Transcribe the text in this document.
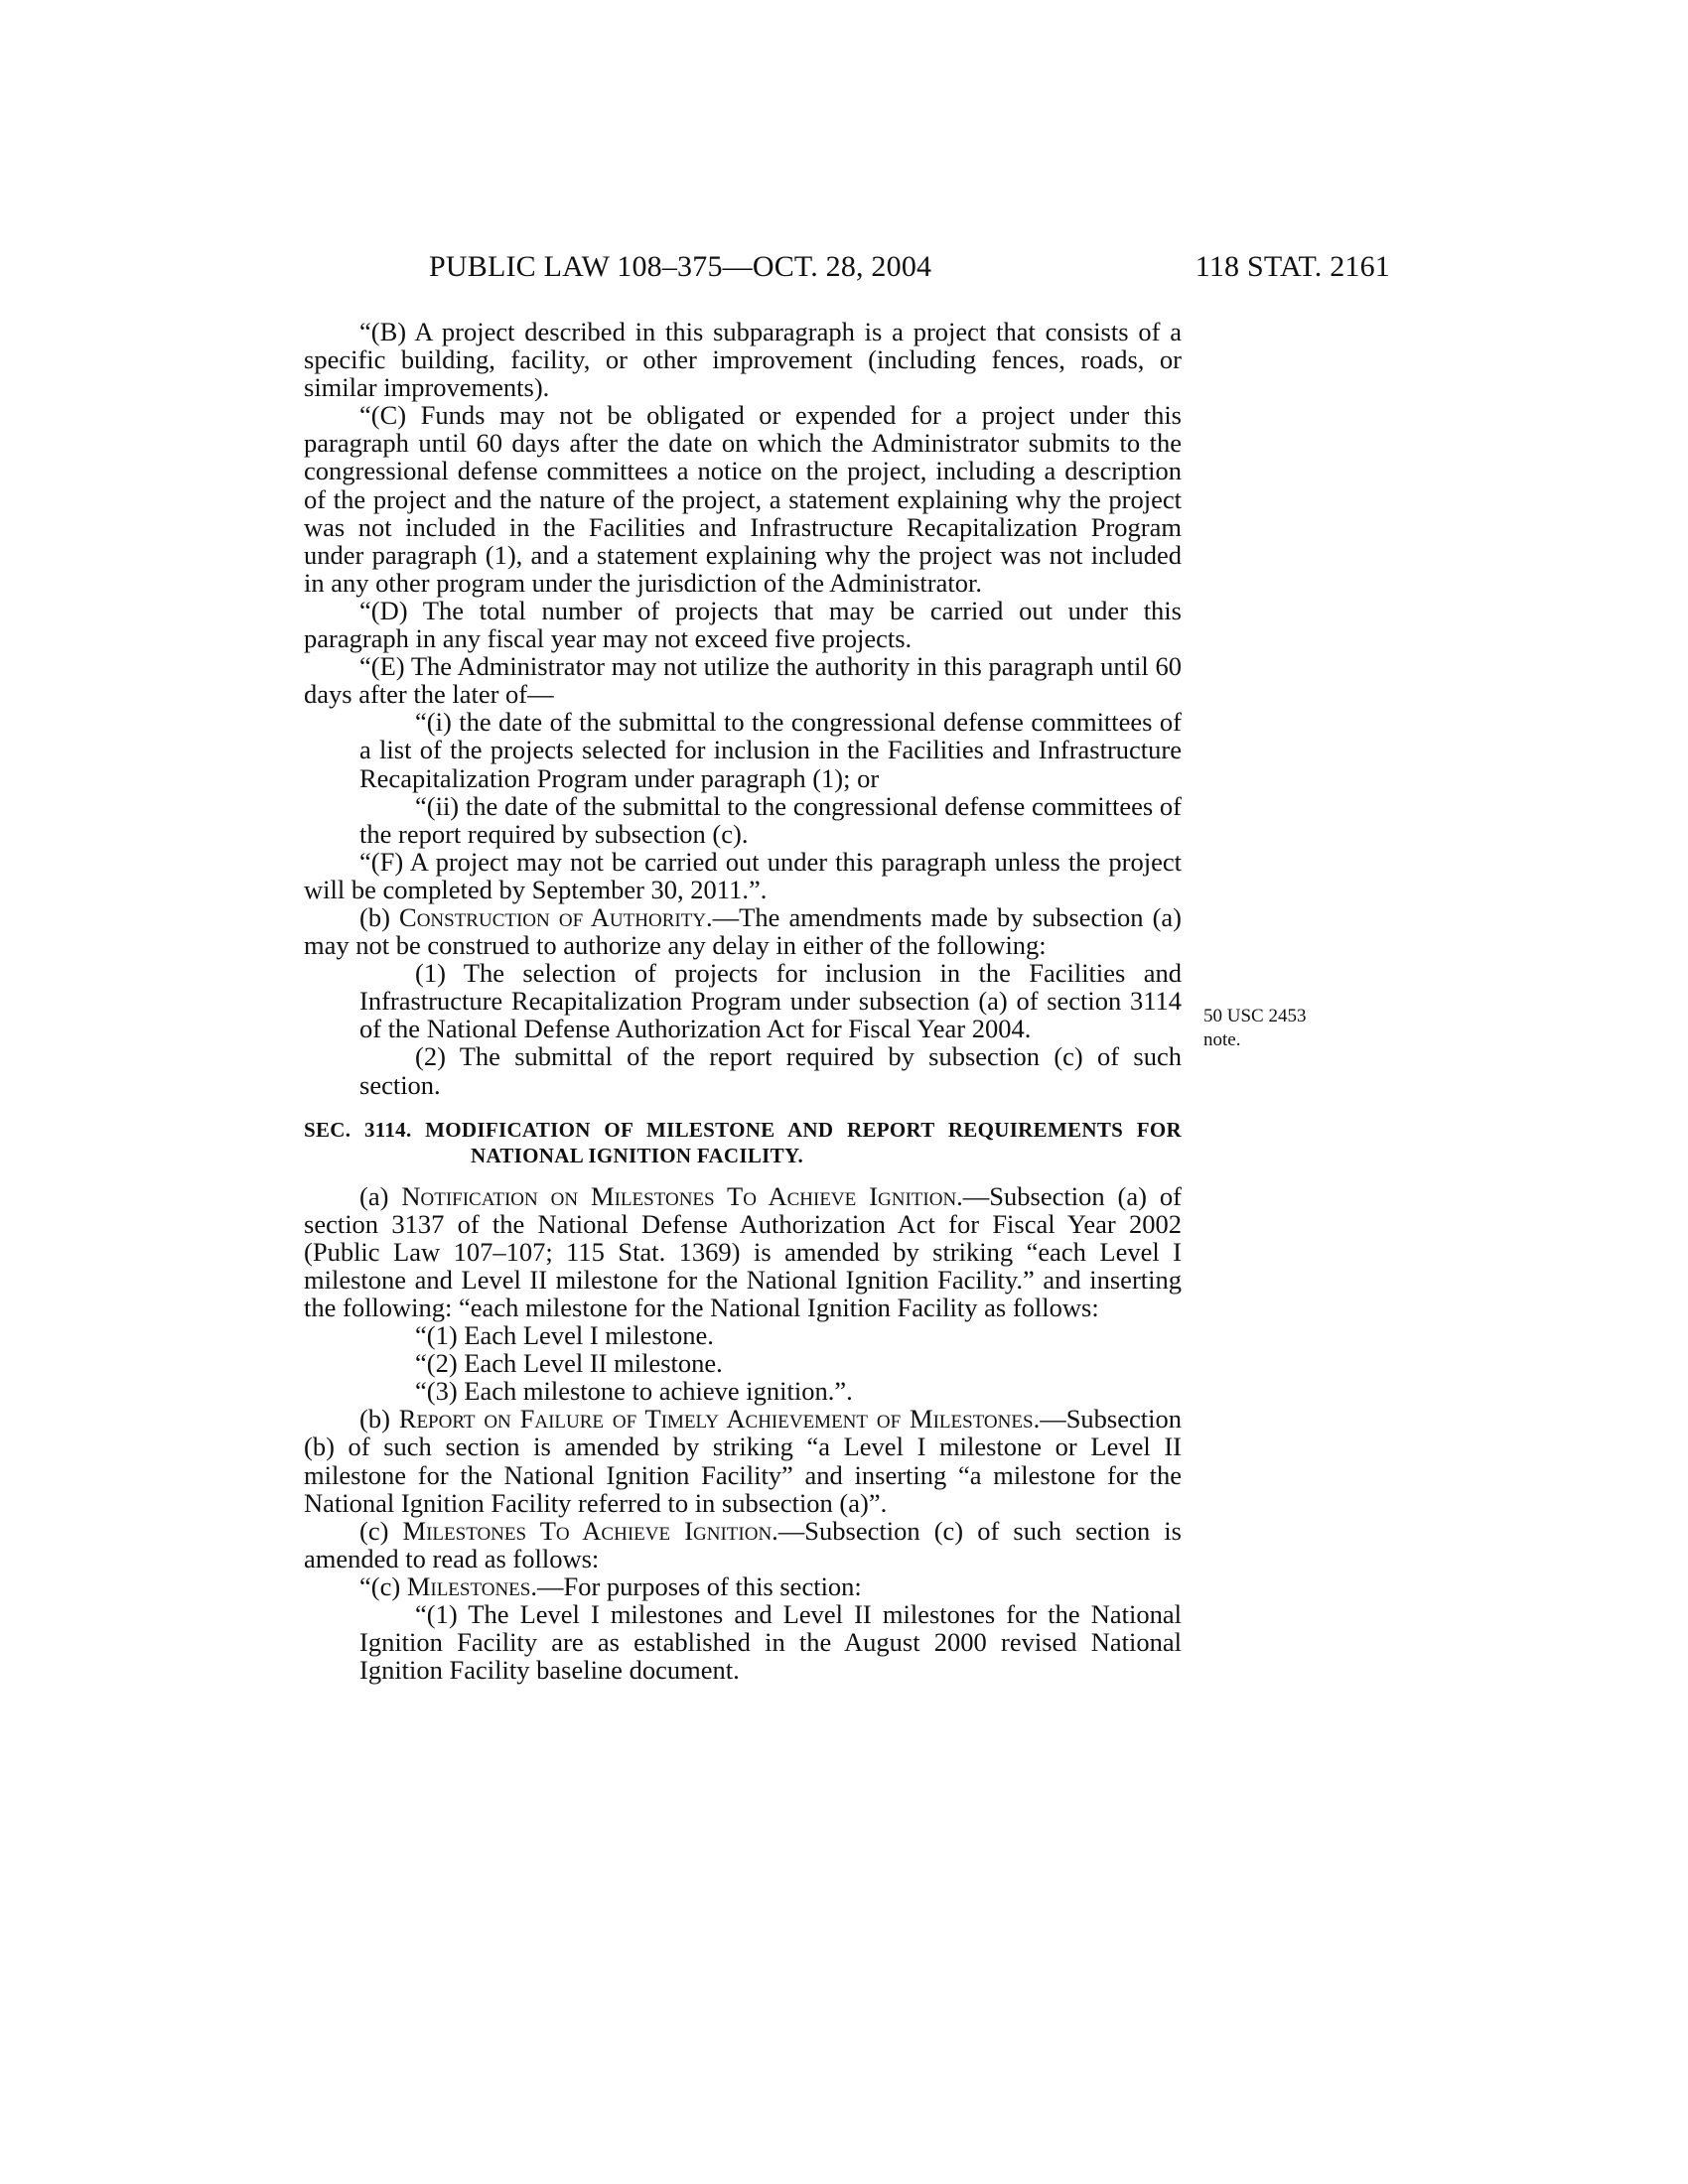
PUBLIC LAW 108–375—OCT. 28, 2004	118 STAT. 2161
50 USC 2453
note.

“(B) A project described in this subparagraph is a project that consists of a specific building, facility, or other improvement (including fences, roads, or similar improvements).

“(C) Funds may not be obligated or expended for a project under this paragraph until 60 days after the date on which the Administrator submits to the congressional defense committees a notice on the project, including a description of the project and the nature of the project, a statement explaining why the project was not included in the Facilities and Infrastructure Recapitalization Program under paragraph (1), and a statement explaining why the project was not included in any other program under the jurisdiction of the Administrator.

“(D) The total number of projects that may be carried out under this paragraph in any fiscal year may not exceed five projects.

“(E) The Administrator may not utilize the authority in this paragraph until 60 days after the later of—

“(i) the date of the submittal to the congressional defense committees of a list of the projects selected for inclusion in the Facilities and Infrastructure Recapitalization Program under paragraph (1); or

“(ii) the date of the submittal to the congressional defense committees of the report required by subsection (c).

“(F) A project may not be carried out under this paragraph unless the project will be completed by September 30, 2011.”.

(b) Construction of Authority.—The amendments made by subsection (a) may not be construed to authorize any delay in either of the following:

(1) The selection of projects for inclusion in the Facilities and Infrastructure Recapitalization Program under subsection (a) of section 3114 of the National Defense Authorization Act for Fiscal Year 2004.

(2) The submittal of the report required by subsection (c) of such section.

SEC. 3114. MODIFICATION OF MILESTONE AND REPORT REQUIREMENTS FOR NATIONAL IGNITION FACILITY.

(a) Notification on Milestones To Achieve Ignition.—Subsection (a) of section 3137 of the National Defense Authorization Act for Fiscal Year 2002 (Public Law 107–107; 115 Stat. 1369) is amended by striking “each Level I milestone and Level II milestone for the National Ignition Facility.” and inserting the following: “each milestone for the National Ignition Facility as follows:

“(1) Each Level I milestone.

“(2) Each Level II milestone.

“(3) Each milestone to achieve ignition.”.

(b) Report on Failure of Timely Achievement of Milestones.—Subsection (b) of such section is amended by striking “a Level I milestone or Level II milestone for the National Ignition Facility” and inserting “a milestone for the National Ignition Facility referred to in subsection (a)”.

(c) Milestones To Achieve Ignition.—Subsection (c) of such section is amended to read as follows:

“(c) Milestones.—For purposes of this section:

“(1) The Level I milestones and Level II milestones for the National Ignition Facility are as established in the August 2000 revised National Ignition Facility baseline document.
